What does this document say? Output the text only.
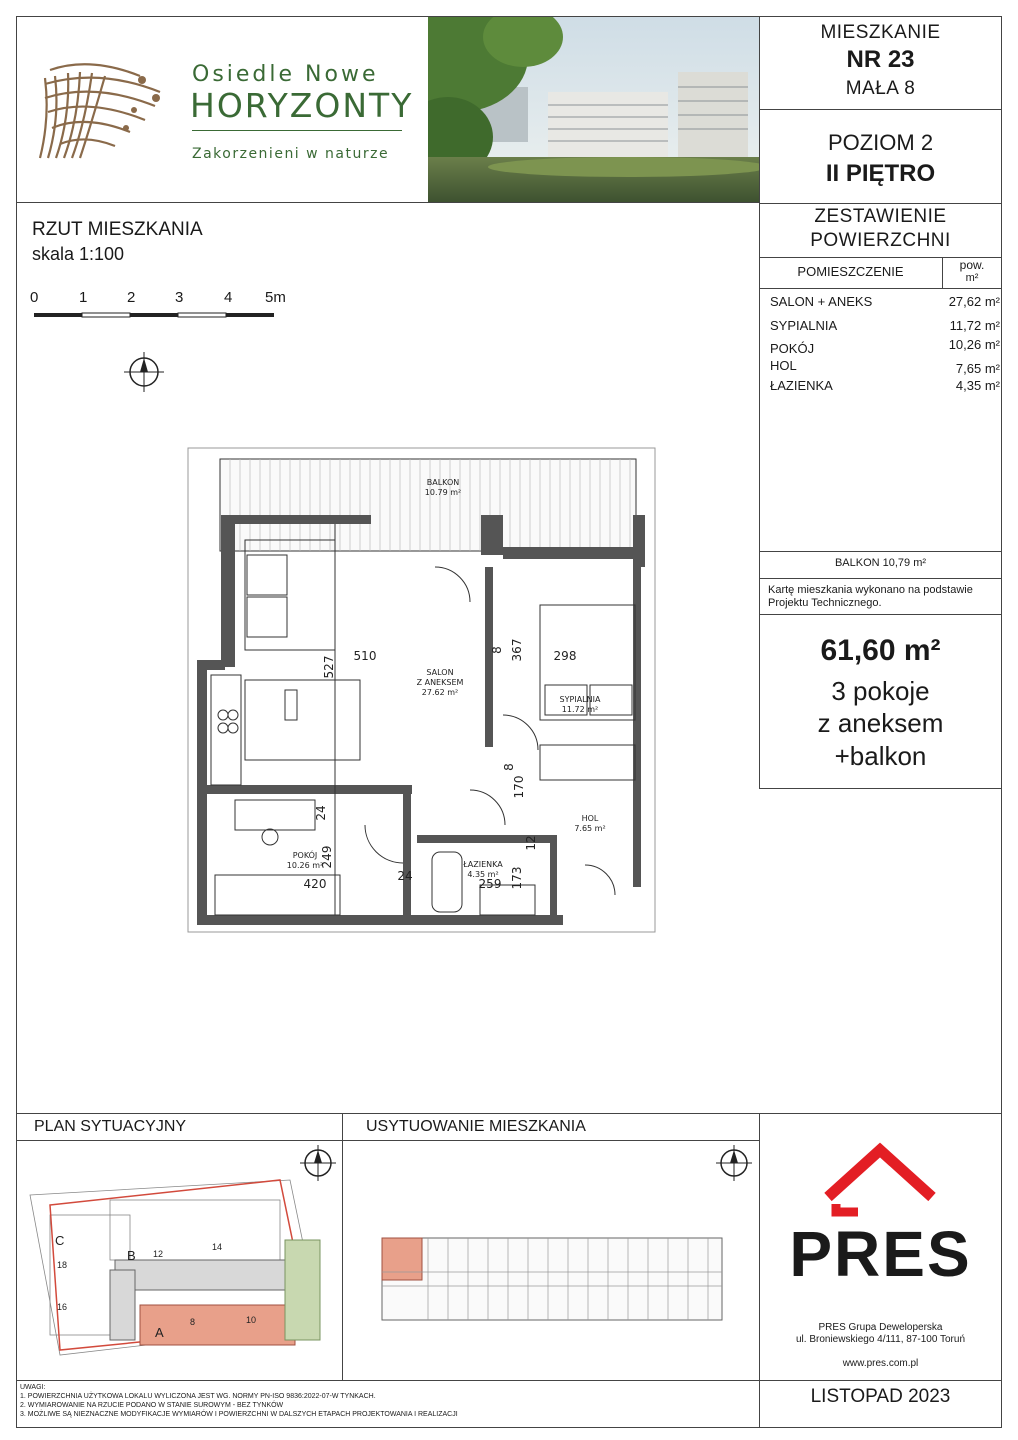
Osiedle Nowe
HORYZONTY
Zakorzenieni w naturze
MIESZKANIE
NR 23
MAŁA 8
POZIOM 2
II PIĘTRO
ZESTAWIENIE
POWIERZCHNI
POMIESZCZENIE	pow.
m²
SALON + ANEKS	27,62 m²
SYPIALNIA	11,72 m²
POKÓJ	10,26 m²
HOL	7,65 m²
ŁAZIENKA	4,35 m²
BALKON 10,79 m²
Kartę mieszkania wykonano na podstawie Projektu Technicznego.
61,60 m²
3 pokoje
z aneksem
+balkon
RZUT MIESZKANIA
skala 1:100
0	1	2	3	4 5m
BALKON
10.79 m²
SALON
Z ANEKSEM
27.62 m²
SYPIALNIA
11.72 m²
POKÓJ
10.26 m²
HOL
7.65 m²
ŁAZIENKA
4.35 m²
510
527
8 367 298
8
170
24
249
420
24
259 173
12
PLAN SYTUACYJNY
C
B
A
18
16
12
14
8	10
USYTUOWANIE MIESZKANIA
UWAGI:
1. POWIERZCHNIA UŻYTKOWA LOKALU WYLICZONA JEST WG. NORMY PN-ISO 9836:2022-07-W TYNKACH.
2. WYMIAROWANIE NA RZUCIE PODANO W STANIE SUROWYM - BEZ TYNKÓW
3. MOŻLIWE SĄ NIEZNACZNE MODYFIKACJE WYMIARÓW I POWIERZCHNI W DALSZYCH ETAPACH PROJEKTOWANIA I REALIZACJI
PRES
PRES Grupa Deweloperska
ul. Broniewskiego 4/111, 87-100 Toruń
www.pres.com.pl
LISTOPAD 2023
